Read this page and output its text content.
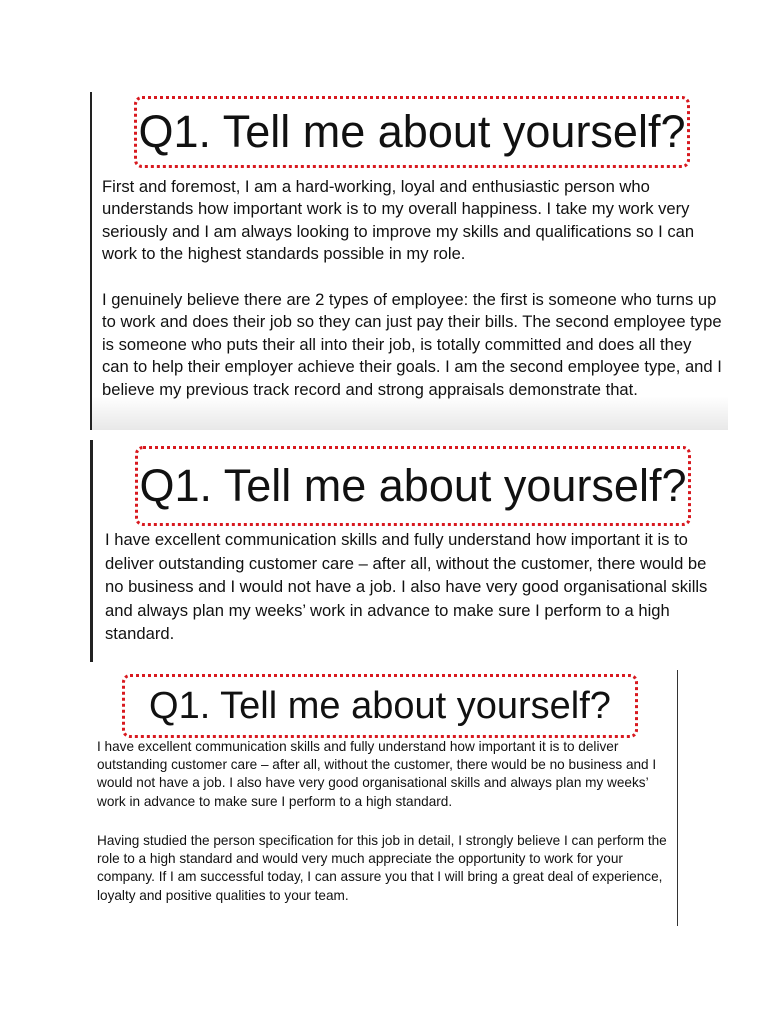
Q1. Tell me about yourself?

First and foremost, I am a hard-working, loyal and enthusiastic person who understands how important work is to my overall happiness. I take my work very seriously and I am always looking to improve my skills and qualifications so I can work to the highest standards possible in my role.

I genuinely believe there are 2 types of employee: the first is someone who turns up to work and does their job so they can just pay their bills. The second employee type is someone who puts their all into their job, is totally committed and does all they can to help their employer achieve their goals. I am the second employee type, and I believe my previous track record and strong appraisals demonstrate that.

Q1. Tell me about yourself?

I have excellent communication skills and fully understand how important it is to deliver outstanding customer care – after all, without the customer, there would be no business and I would not have a job. I also have very good organisational skills and always plan my weeks’ work in advance to make sure I perform to a high standard.

Q1. Tell me about yourself?

I have excellent communication skills and fully understand how important it is to deliver outstanding customer care – after all, without the customer, there would be no business and I would not have a job. I also have very good organisational skills and always plan my weeks’ work in advance to make sure I perform to a high standard.

Having studied the person specification for this job in detail, I strongly believe I can perform the role to a high standard and would very much appreciate the opportunity to work for your company. If I am successful today, I can assure you that I will bring a great deal of experience, loyalty and positive qualities to your team.
